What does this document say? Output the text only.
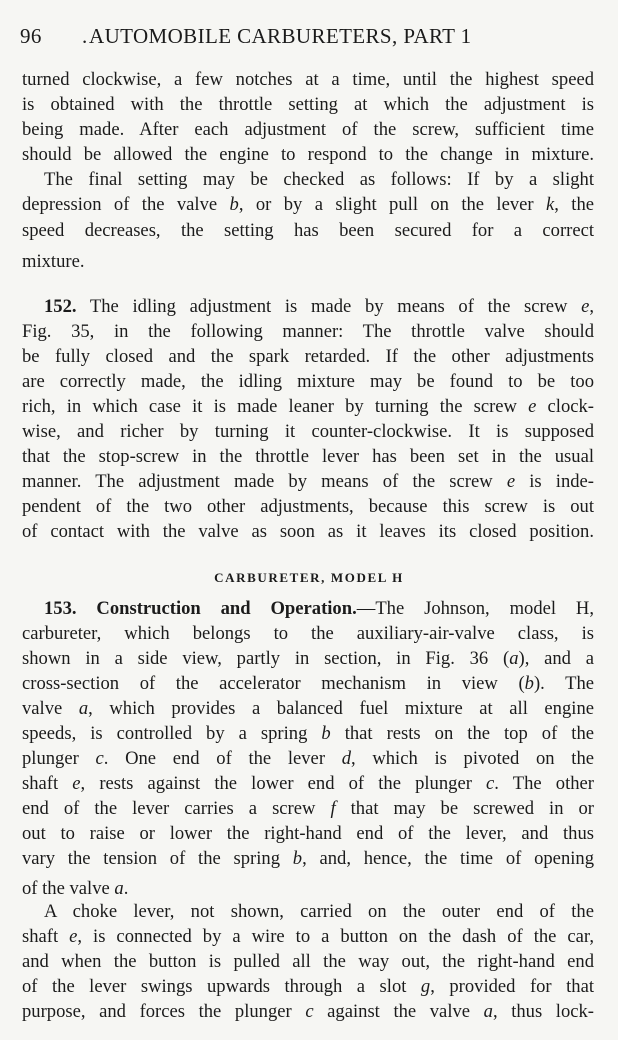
96 . AUTOMOBILE CARBURETERS, PART 1
turned clockwise, a few notches at a time, until the highest speed
is obtained with the throttle setting at which the adjustment is
being made. After each adjustment of the screw, sufficient time
should be allowed the engine to respond to the change in mixture.
The final setting may be checked as follows: If by a slight
depression of the valve b, or by a slight pull on the lever k, the
speed decreases, the setting has been secured for a correct
mixture.
152. The idling adjustment is made by means of the screw e,
Fig. 35, in the following manner: The throttle valve should
be fully closed and the spark retarded. If the other adjustments
are correctly made, the idling mixture may be found to be too
rich, in which case it is made leaner by turning the screw e clock-
wise, and richer by turning it counter-clockwise. It is supposed
that the stop-screw in the throttle lever has been set in the usual
manner. The adjustment made by means of the screw e is inde-
pendent of the two other adjustments, because this screw is out
of contact with the valve as soon as it leaves its closed position.
CARBURETER, MODEL H
153. Construction and Operation.—The Johnson, model H,
carbureter, which belongs to the auxiliary-air-valve class, is
shown in a side view, partly in section, in Fig. 36 (a), and a
cross-section of the accelerator mechanism in view (b). The
valve a, which provides a balanced fuel mixture at all engine
speeds, is controlled by a spring b that rests on the top of the
plunger c. One end of the lever d, which is pivoted on the
shaft e, rests against the lower end of the plunger c. The other
end of the lever carries a screw f that may be screwed in or
out to raise or lower the right-hand end of the lever, and thus
vary the tension of the spring b, and, hence, the time of opening
of the valve a.
A choke lever, not shown, carried on the outer end of the
shaft e, is connected by a wire to a button on the dash of the car,
and when the button is pulled all the way out, the right-hand end
of the lever swings upwards through a slot g, provided for that
purpose, and forces the plunger c against the valve a, thus lock-
